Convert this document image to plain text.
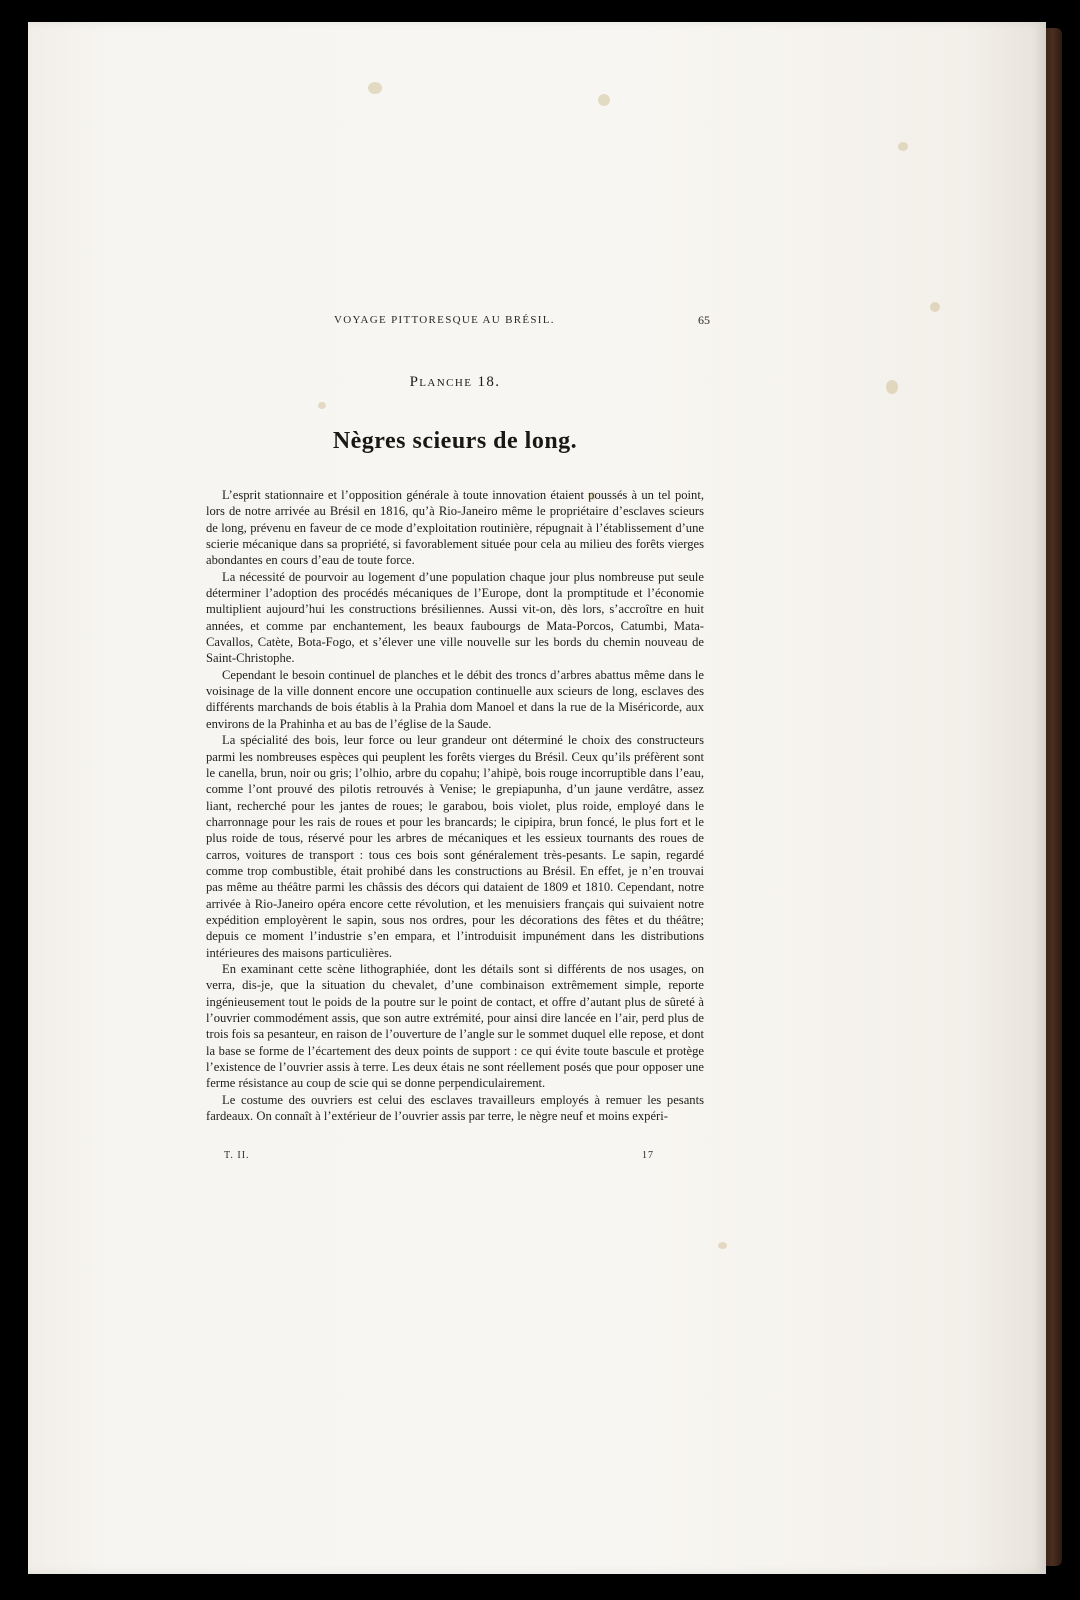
VOYAGE PITTORESQUE AU BRÉSIL.	65
Planche 18.
Nègres scieurs de long.

L’esprit stationnaire et l’opposition générale à toute innovation étaient poussés à un tel point, lors de notre arrivée au Brésil en 1816, qu’à Rio-Janeiro même le propriétaire d’esclaves scieurs de long, prévenu en faveur de ce mode d’exploitation routinière, répugnait à l’établissement d’une scierie mécanique dans sa propriété, si favorablement située pour cela au milieu des forêts vierges abondantes en cours d’eau de toute force.

La nécessité de pourvoir au logement d’une population chaque jour plus nombreuse put seule déterminer l’adoption des procédés mécaniques de l’Europe, dont la promptitude et l’économie multiplient aujourd’hui les constructions brésiliennes. Aussi vit-on, dès lors, s’accroître en huit années, et comme par enchantement, les beaux faubourgs de Mata-Porcos, Catumbi, Mata-Cavallos, Catète, Bota-Fogo, et s’élever une ville nouvelle sur les bords du chemin nouveau de Saint-Christophe.

Cependant le besoin continuel de planches et le débit des troncs d’arbres abattus même dans le voisinage de la ville donnent encore une occupation continuelle aux scieurs de long, esclaves des différents marchands de bois établis à la Prahia dom Manoel et dans la rue de la Miséricorde, aux environs de la Prahinha et au bas de l’église de la Saude.

La spécialité des bois, leur force ou leur grandeur ont déterminé le choix des constructeurs parmi les nombreuses espèces qui peuplent les forêts vierges du Brésil. Ceux qu’ils préfèrent sont le canella, brun, noir ou gris; l’olhio, arbre du copahu; l’ahipè, bois rouge incorruptible dans l’eau, comme l’ont prouvé des pilotis retrouvés à Venise; le grepiapunha, d’un jaune verdâtre, assez liant, recherché pour les jantes de roues; le garabou, bois violet, plus roide, employé dans le charronnage pour les rais de roues et pour les brancards; le cipipira, brun foncé, le plus fort et le plus roide de tous, réservé pour les arbres de mécaniques et les essieux tournants des roues de carros, voitures de transport : tous ces bois sont généralement très-pesants. Le sapin, regardé comme trop combustible, était prohibé dans les constructions au Brésil. En effet, je n’en trouvai pas même au théâtre parmi les châssis des décors qui dataient de 1809 et 1810. Cependant, notre arrivée à Rio-Janeiro opéra encore cette révolution, et les menuisiers français qui suivaient notre expédition employèrent le sapin, sous nos ordres, pour les décorations des fêtes et du théâtre; depuis ce moment l’industrie s’en empara, et l’introduisit impunément dans les distributions intérieures des maisons particulières.

En examinant cette scène lithographiée, dont les détails sont si différents de nos usages, on verra, dis-je, que la situation du chevalet, d’une combinaison extrêmement simple, reporte ingénieusement tout le poids de la poutre sur le point de contact, et offre d’autant plus de sûreté à l’ouvrier commodément assis, que son autre extrémité, pour ainsi dire lancée en l’air, perd plus de trois fois sa pesanteur, en raison de l’ouverture de l’angle sur le sommet duquel elle repose, et dont la base se forme de l’écartement des deux points de support : ce qui évite toute bascule et protège l’existence de l’ouvrier assis à terre. Les deux étais ne sont réellement posés que pour opposer une ferme résistance au coup de scie qui se donne perpendiculairement.

Le costume des ouvriers est celui des esclaves travailleurs employés à remuer les pesants fardeaux. On connaît à l’extérieur de l’ouvrier assis par terre, le nègre neuf et moins expéri-

T. II.	17
